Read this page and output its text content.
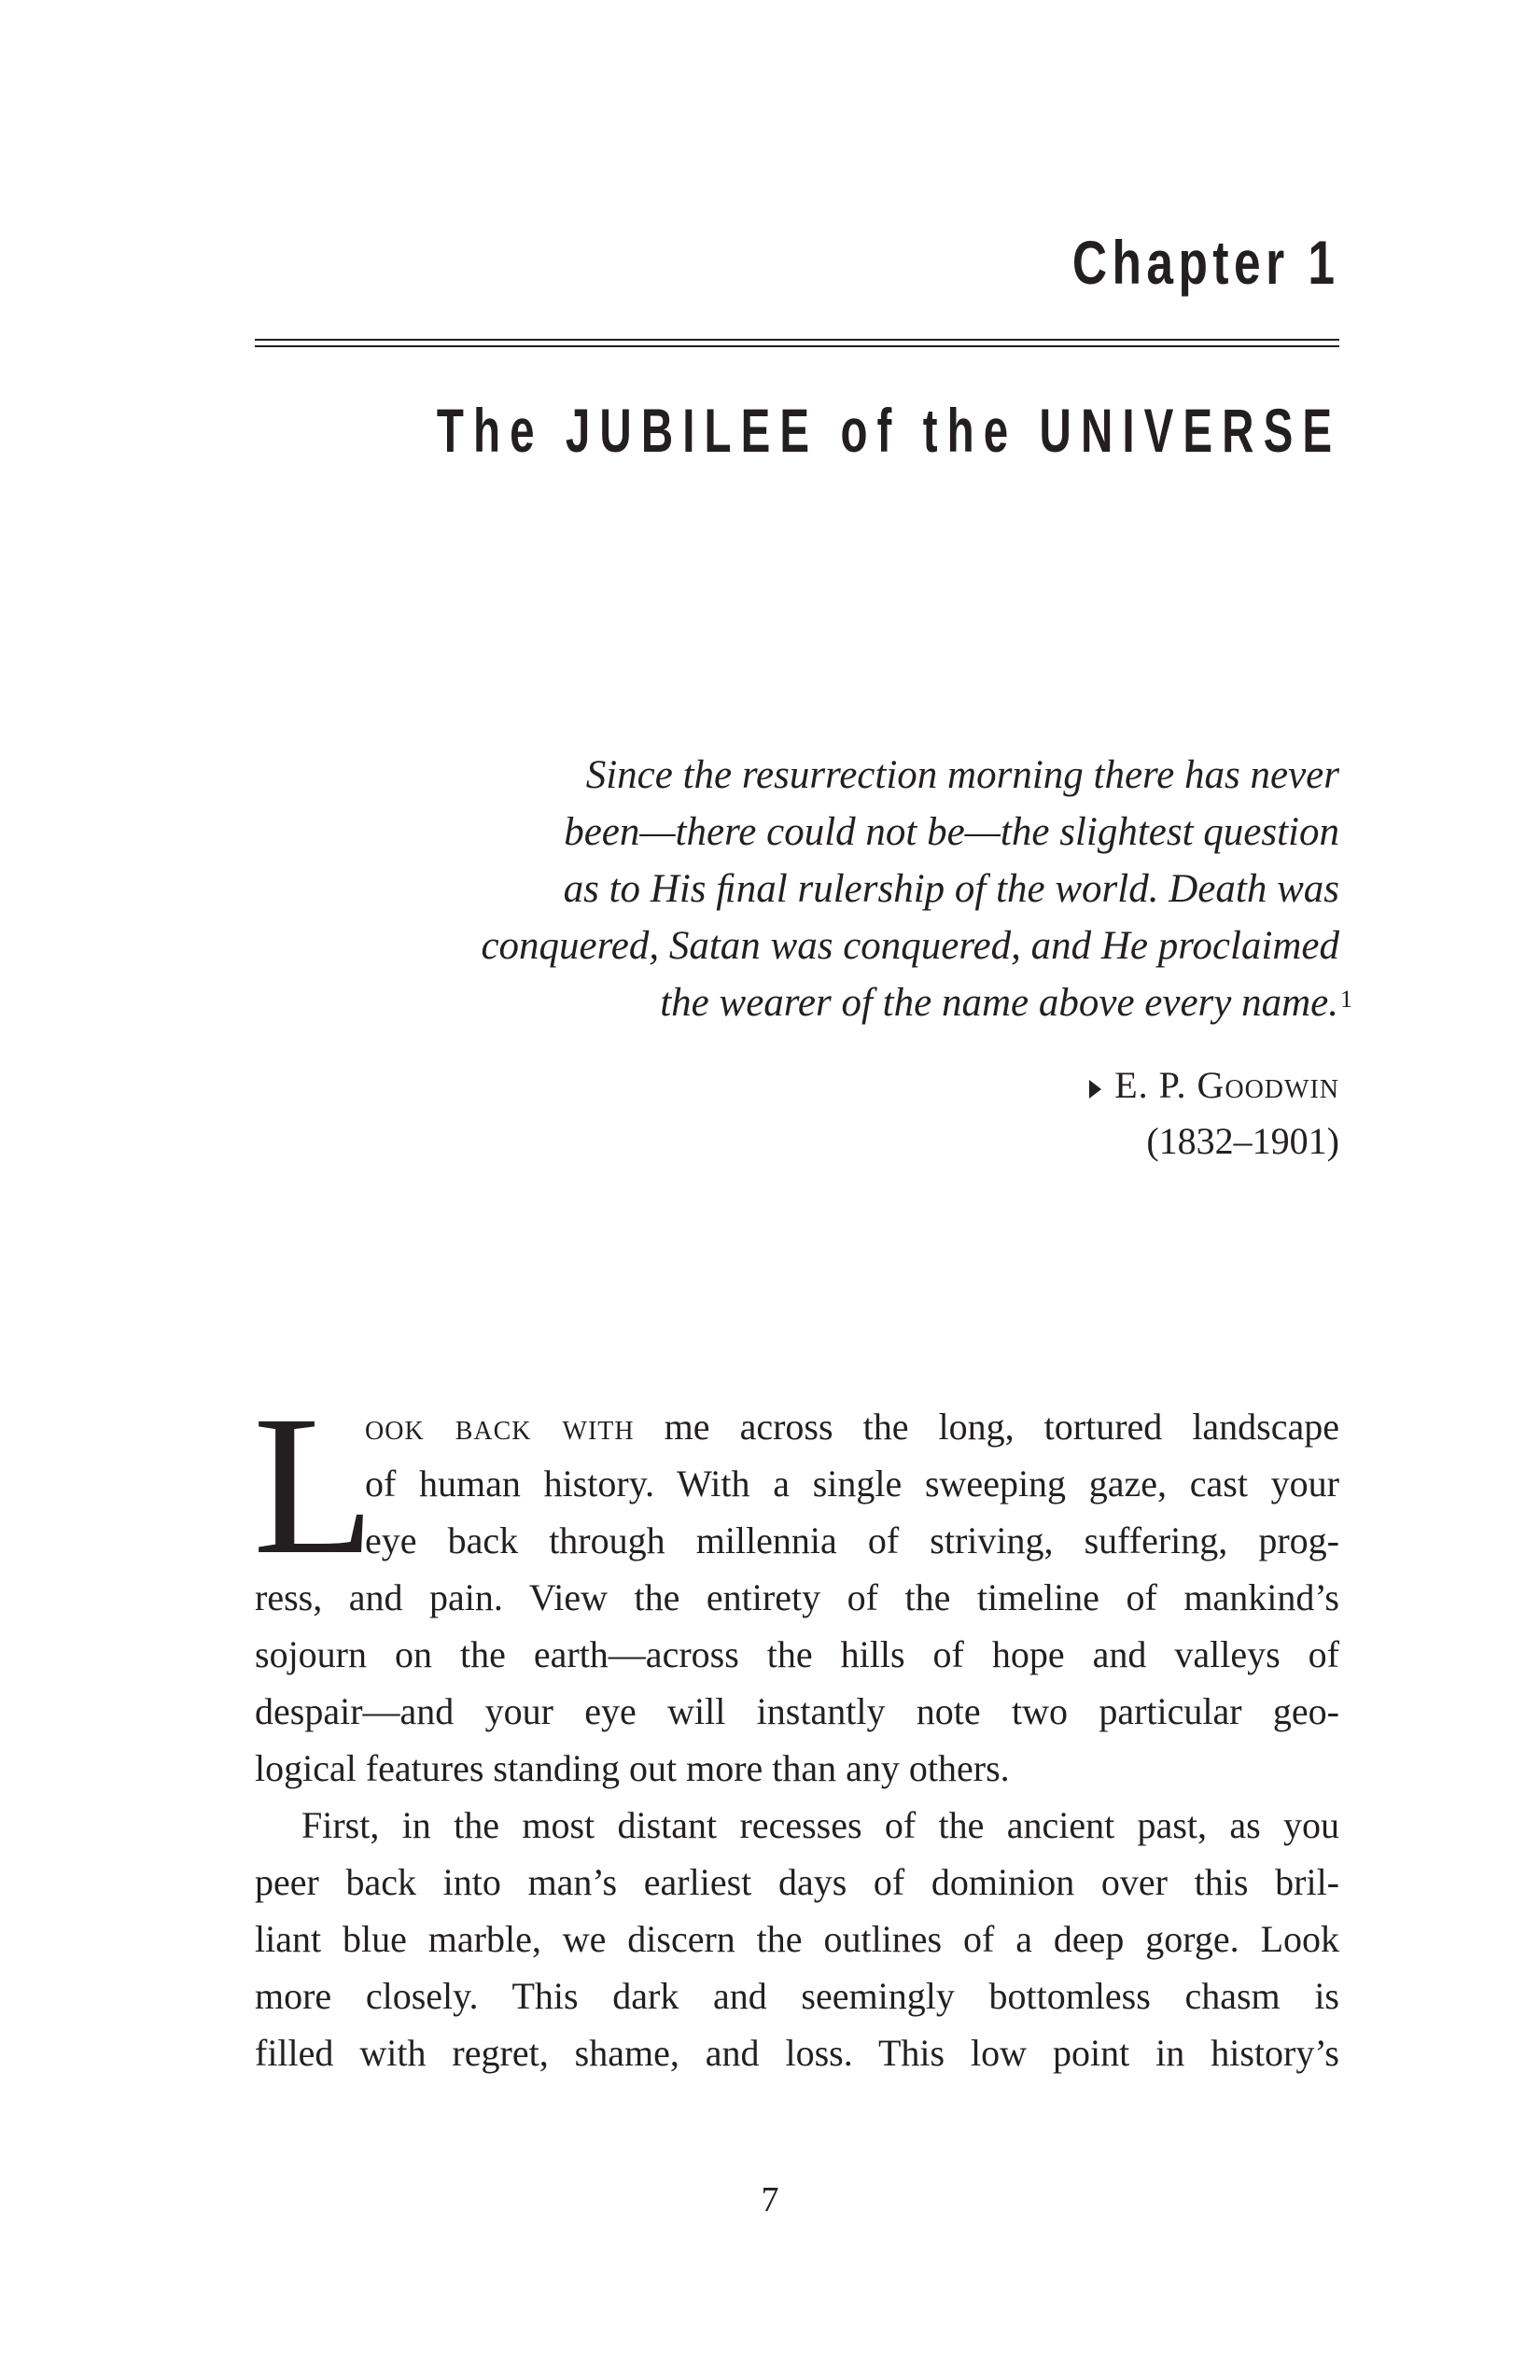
Chapter 1
The JUBILEE of the UNIVERSE
Since the resurrection morning there has never
been—there could not be—the slightest question
as to His ﬁnal rulership of the world. Death was
conquered, Satan was conquered, and He proclaimed
the wearer of the name above every name.$^1$
E. P. Goodwin
(1832–1901)
L
ook back with me across the long, tortured landscape
of human history. With a single sweeping gaze, cast your
eye back through millennia of striving, suffering, prog-
ress, and pain. View the entirety of the timeline of mankind’s
sojourn on the earth—across the hills of hope and valleys of
despair—and your eye will instantly note two particular geo-
logical features standing out more than any others.
First, in the most distant recesses of the ancient past, as you
peer back into man’s earliest days of dominion over this bril-
liant blue marble, we discern the outlines of a deep gorge. Look
more closely. This dark and seemingly bottomless chasm is
filled with regret, shame, and loss. This low point in history’s
7
